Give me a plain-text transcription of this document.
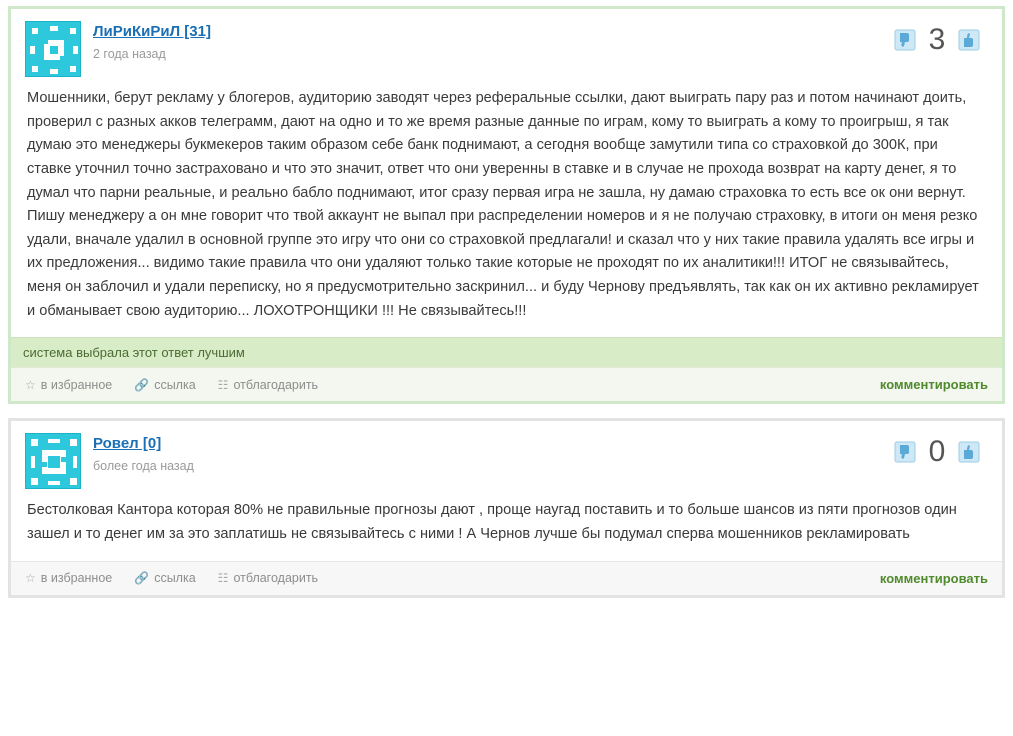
ЛиРиКиРиЛ [31]
2 года назад	3
Мошенники, берут рекламу у блогеров, аудиторию заводят через реферальные ссылки, дают выиграть пару раз и потом начинают доить, проверил с разных акков телеграмм, дают на одно и то же время разные данные по играм, кому то выиграть а кому то проигрыш, я так думаю это менеджеры букмекеров таким образом себе банк поднимают, а сегодня вообще замутили типа со страховкой до 300К, при ставке уточнил точно застраховано и что это значит, ответ что они уверенны в ставке и в случае не прохода возврат на карту денег, я то думал что парни реальные, и реально бабло поднимают, итог сразу первая игра не зашла, ну дамаю страховка то есть все ок они вернут. Пишу менеджеру а он мне говорит что твой аккаунт не выпал при распределении номеров и я не получаю страховку, в итоги он меня резко удали, вначале удалил в основной группе это игру что они со страховкой предлагали! и сказал что у них такие правила удалять все игры и их предложения... видимо такие правила что они удаляют только такие которые не проходят по их аналитики!!! ИТОГ не связывайтесь, меня он заблочил и удали переписку, но я предусмотрительно заскринил... и буду Чернову предъявлять, так как он их активно рекламирует и обманывает свою аудиторию... ЛОХОТРОНЩИКИ !!! Не связывайтесь!!!
система выбрала этот ответ лучшим
☆ в избранное 🔗 ссылка ☷ отблагодарить	комментировать
Ровел [0]
более года назад	0
Бестолковая Кантора которая 80% не правильные прогнозы дают , проще наугад поставить и то больше шансов из пяти прогнозов один зашел и то денег им за это заплатишь не связывайтесь с ними ! А Чернов лучше бы подумал сперва мошенников рекламировать
☆ в избранное 🔗 ссылка ☷ отблагодарить	комментировать
